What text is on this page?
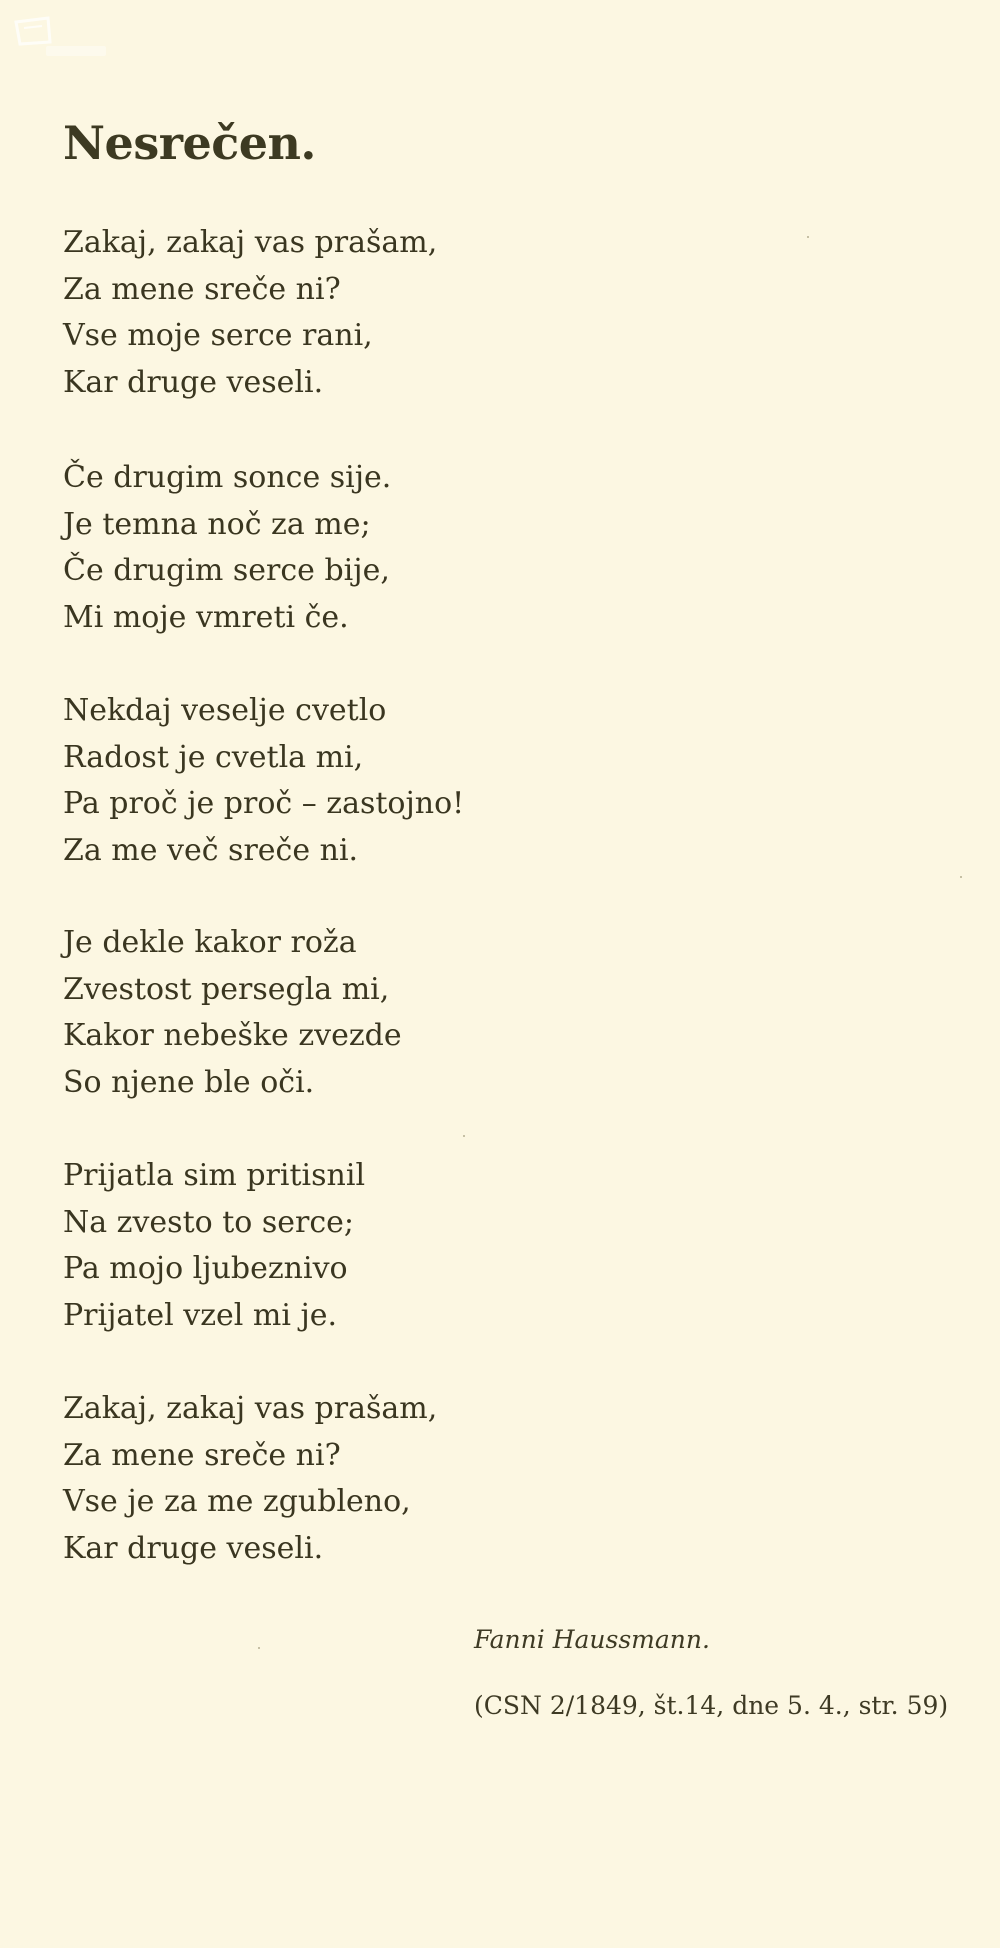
Nesrečen.
Zakaj, zakaj vas prašam,
Za mene sreče ni?
Vse moje serce rani,
Kar druge veseli.
Če drugim sonce sije.
Je temna noč za me;
Če drugim serce bije,
Mi moje vmreti če.
Nekdaj veselje cvetlo
Radost je cvetla mi,
Pa proč je proč – zastojno!
Za me več sreče ni.
Je dekle kakor roža
Zvestost persegla mi,
Kakor nebeške zvezde
So njene ble oči.
Prijatla sim pritisnil
Na zvesto to serce;
Pa mojo ljubeznivo
Prijatel vzel mi je.
Zakaj, zakaj vas prašam,
Za mene sreče ni?
Vse je za me zgubleno,
Kar druge veseli.
Fanni Haussmann.
(CSN 2/1849, št.14, dne 5. 4., str. 59)
